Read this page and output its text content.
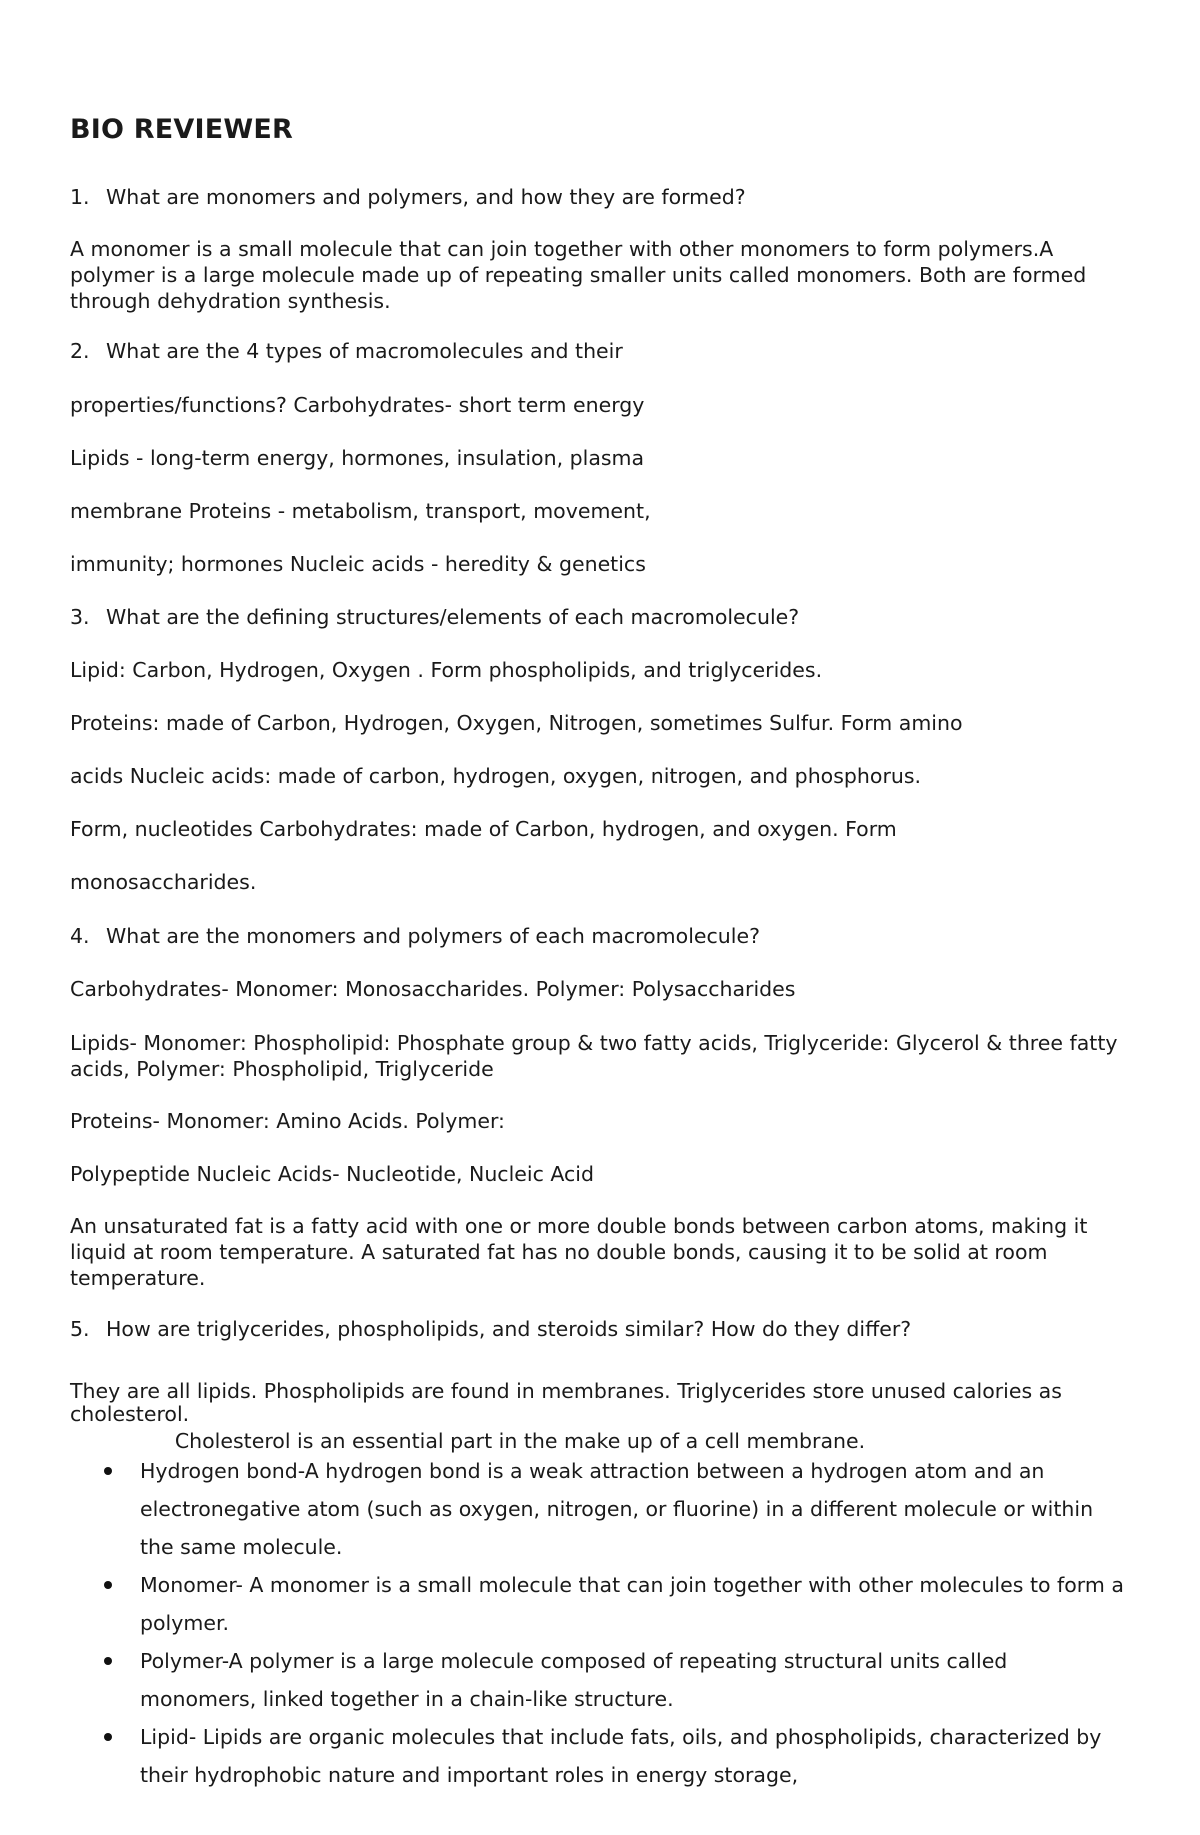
BIO REVIEWER
1. What are monomers and polymers, and how they are formed?

A monomer is a small molecule that can join together with other monomers to form polymers.A polymer is a large molecule made up of repeating smaller units called monomers. Both are formed through dehydration synthesis.

2. What are the 4 types of macromolecules and their

properties/functions? Carbohydrates- short term energy

Lipids - long-term energy, hormones, insulation, plasma

membrane Proteins - metabolism, transport, movement,

immunity; hormones Nucleic acids - heredity & genetics

3. What are the defining structures/elements of each macromolecule?

Lipid: Carbon, Hydrogen, Oxygen . Form phospholipids, and triglycerides.

Proteins: made of Carbon, Hydrogen, Oxygen, Nitrogen, sometimes Sulfur. Form amino

acids Nucleic acids: made of carbon, hydrogen, oxygen, nitrogen, and phosphorus.

Form, nucleotides Carbohydrates: made of Carbon, hydrogen, and oxygen. Form

monosaccharides.

4. What are the monomers and polymers of each macromolecule?

Carbohydrates- Monomer: Monosaccharides. Polymer: Polysaccharides

Lipids- Monomer: Phospholipid: Phosphate group & two fatty acids, Triglyceride: Glycerol & three fatty acids, Polymer: Phospholipid, Triglyceride

Proteins- Monomer: Amino Acids. Polymer:

Polypeptide Nucleic Acids- Nucleotide, Nucleic Acid

An unsaturated fat is a fatty acid with one or more double bonds between carbon atoms, making it liquid at room temperature. A saturated fat has no double bonds, causing it to be solid at room temperature.

5. How are triglycerides, phospholipids, and steroids similar? How do they differ?

They are all lipids. Phospholipids are found in membranes. Triglycerides store unused calories as cholesterol.

Cholesterol is an essential part in the make up of a cell membrane.
Hydrogen bond-A hydrogen bond is a weak attraction between a hydrogen atom and an electronegative atom (such as oxygen, nitrogen, or fluorine) in a different molecule or within the same molecule.
Monomer- A monomer is a small molecule that can join together with other molecules to form a polymer.
Polymer-A polymer is a large molecule composed of repeating structural units called monomers, linked together in a chain-like structure.
Lipid- Lipids are organic molecules that include fats, oils, and phospholipids, characterized by their hydrophobic nature and important roles in energy storage,
